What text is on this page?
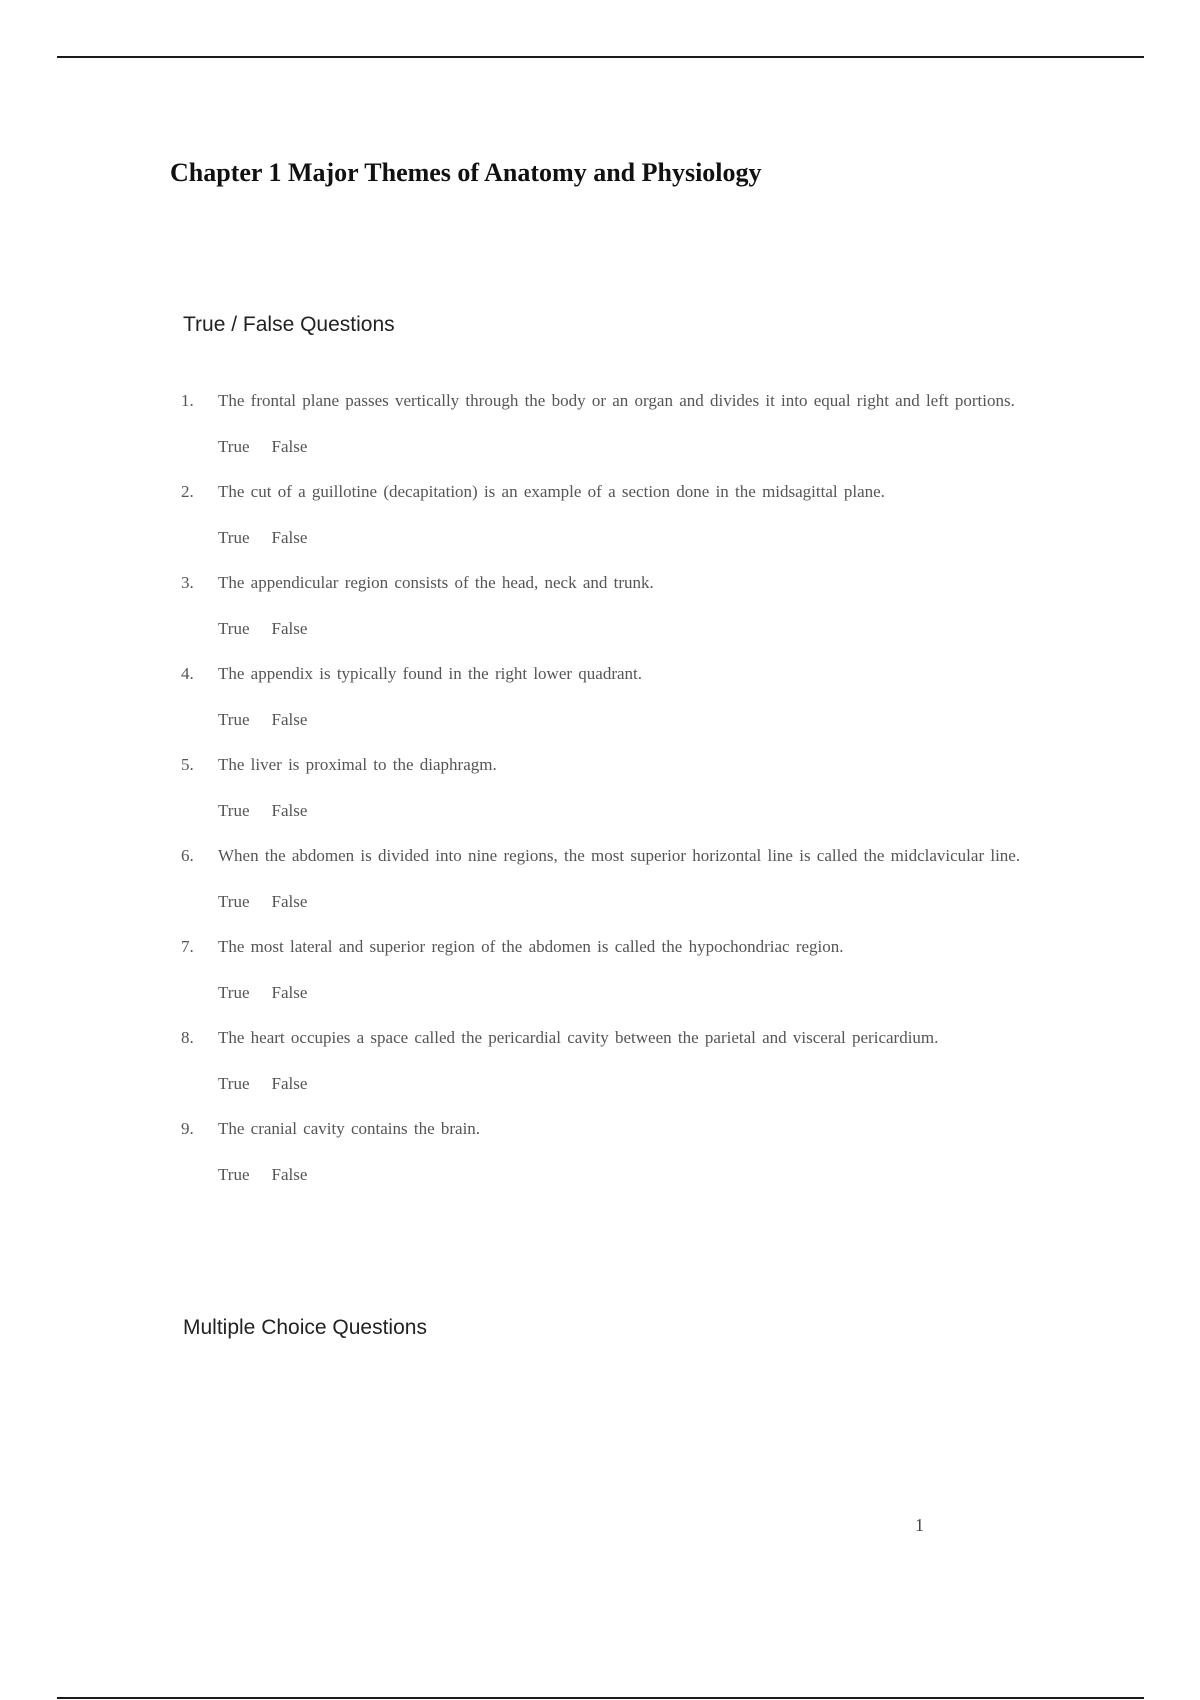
Chapter 1 Major Themes of Anatomy and Physiology
True / False Questions
1.	The frontal plane passes vertically through the body or an organ and divides it into equal right and left portions.
True False
2.	The cut of a guillotine (decapitation) is an example of a section done in the midsagittal plane.
True False
3.	The appendicular region consists of the head, neck and trunk.
True False
4.	The appendix is typically found in the right lower quadrant.
True False
5.	The liver is proximal to the diaphragm.
True False
6.	When the abdomen is divided into nine regions, the most superior horizontal line is called the midclavicular line.
True False
7.	The most lateral and superior region of the abdomen is called the hypochondriac region.
True False
8.	The heart occupies a space called the pericardial cavity between the parietal and visceral pericardium.
True False
9.	The cranial cavity contains the brain.
True False
Multiple Choice Questions
1
